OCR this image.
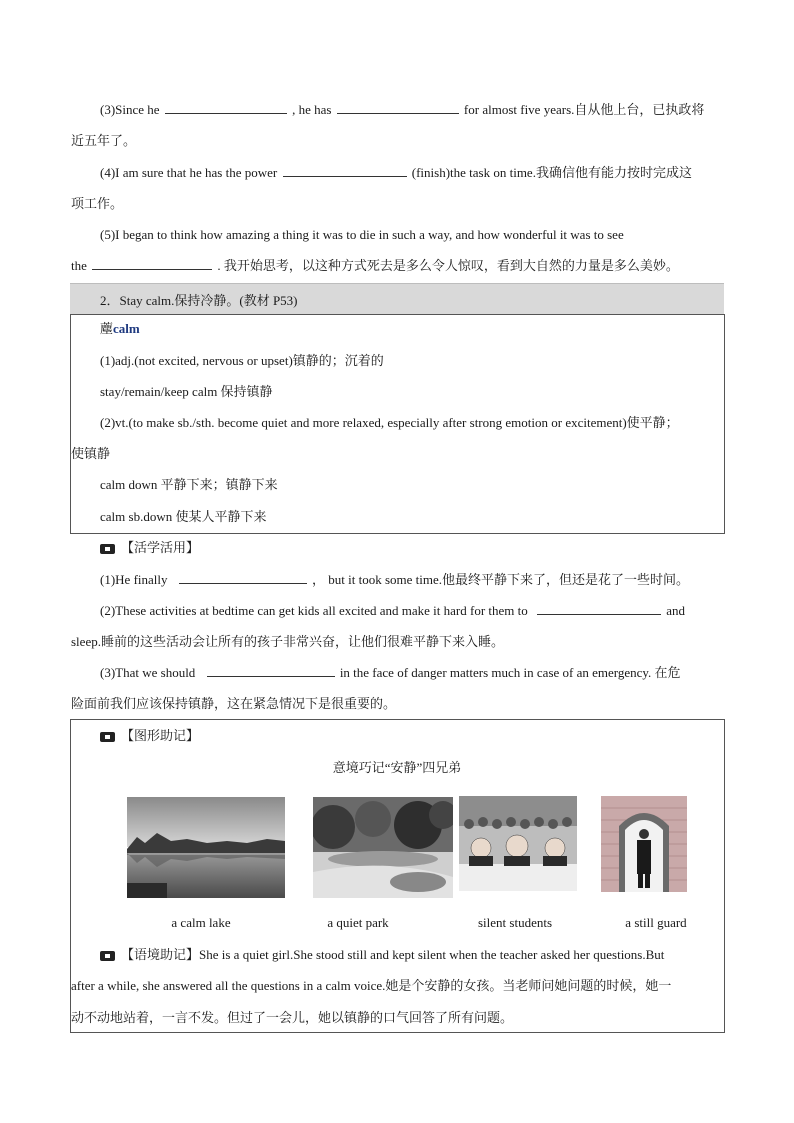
(3)Since he	, he has	for almost five years.自从他上台，已执政将
近五年了。
(4)I am sure that he has the power	(finish)the task on time.我确信他有能力按时完成这
项工作。
(5)I began to think how amazing a thing it was to die in such a way, and how wonderful it was to see
the	. 我开始思考，以这种方式死去是多么令人惊叹，看到大自然的力量是多么美妙。
2．Stay calm.保持冷静。(教材 P53)
薼calm
(1)adj.(not excited, nervous or upset)镇静的；沉着的
stay/remain/keep calm 保持镇静
(2)vt.(to make sb./sth. become quiet and more relaxed, especially after strong emotion or excitement)使平静；
使镇静
calm down 平静下来；镇静下来
calm sb.down 使某人平静下来
【活学活用】
(1)He finally	， but it took some time.他最终平静下来了，但还是花了一些时间。
(2)These activities at bedtime can get kids all excited and make it hard for them to	and
sleep.睡前的这些活动会让所有的孩子非常兴奋，让他们很难平静下来入睡。
(3)That we should	in the face of danger matters much in case of an emergency. 在危
险面前我们应该保持镇静，这在紧急情况下是很重要的。
【图形助记】
意境巧记“安静”四兄弟
a calm lake	a quiet park	silent students	a still guard
【语境助记】She is a quiet girl.She stood still and kept silent when the teacher asked her questions.But
after a while, she answered all the questions in a calm voice.她是个安静的女孩。当老师问她问题的时候，她一
动不动地站着，一言不发。但过了一会儿，她以镇静的口气回答了所有问题。
